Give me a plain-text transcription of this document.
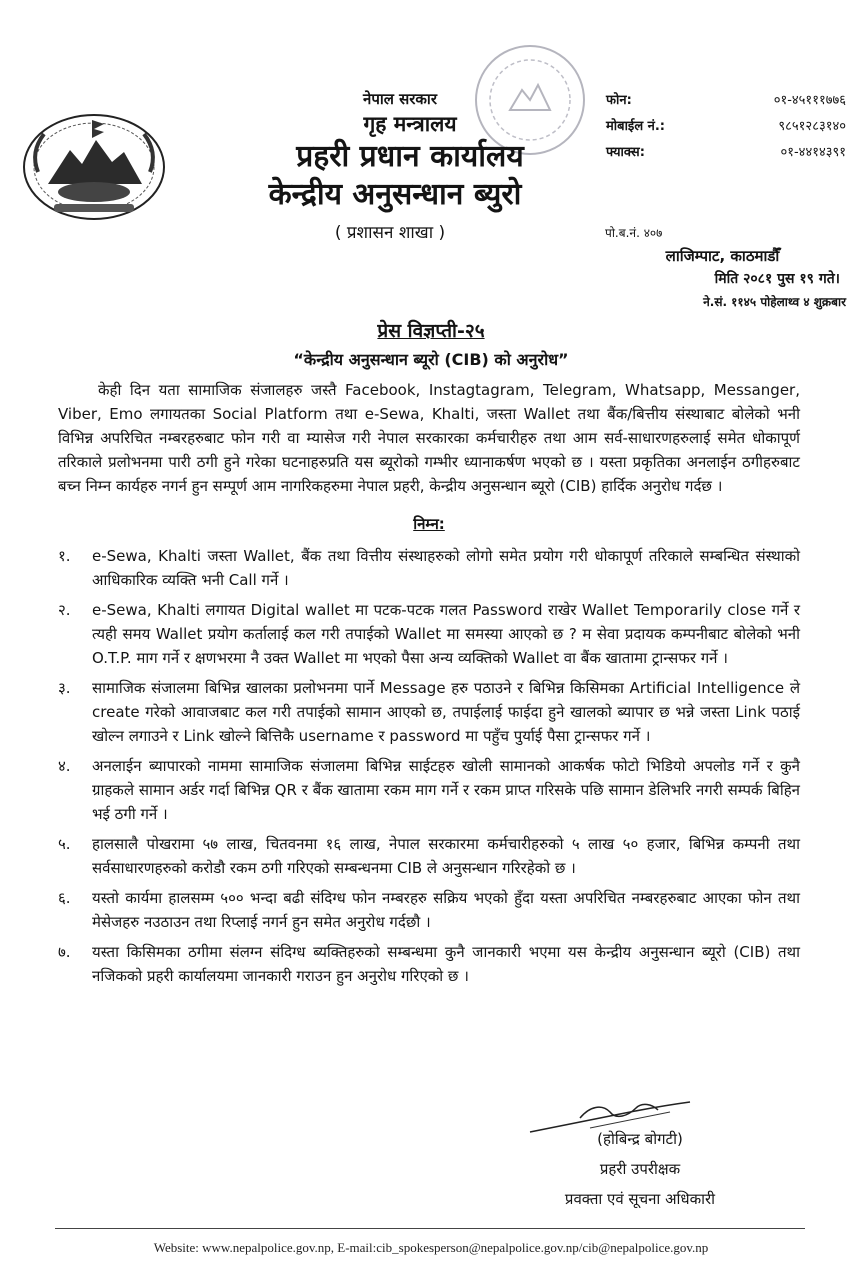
नेपाल सरकार
गृह मन्त्रालय
प्रहरी प्रधान कार्यालय
केन्द्रीय अनुसन्धान ब्युरो
( प्रशासन शाखा )
फोन:	०१-४५१११७७६
मोबाईल नं.:	९८५१२८३१४०
फ्याक्स:	०१-४४१४३९१
पो.ब.नं. ४०७
लाजिम्पाट, काठमाडौँ
मिति २०८१ पुस १९ गते।
ने.सं. ११४५ पोहेलाथ्व ४ शुक्रबार
प्रेस विज्ञप्ती-२५
“केन्द्रीय अनुसन्धान ब्यूरो (CIB) को अनुरोध”

केही दिन यता सामाजिक संजालहरु जस्तै Facebook, Instagtagram, Telegram, Whatsapp, Messanger, Viber, Emo लगायतका Social Platform तथा e-Sewa, Khalti, जस्ता Wallet तथा बैंक/बित्तीय संस्थाबाट बोलेको भनी विभिन्न अपरिचित नम्बरहरुबाट फोन गरी वा म्यासेज गरी नेपाल सरकारका कर्मचारीहरु तथा आम सर्व-साधारणहरुलाई समेत धोकापूर्ण तरिकाले प्रलोभनमा पारी ठगी हुने गरेका घटनाहरुप्रति यस ब्यूरोको गम्भीर ध्यानाकर्षण भएको छ । यस्ता प्रकृतिका अनलाईन ठगीहरुबाट बच्न निम्न कार्यहरु नगर्न हुन सम्पूर्ण आम नागरिकहरुमा नेपाल प्रहरी, केन्द्रीय अनुसन्धान ब्यूरो (CIB) हार्दिक अनुरोध गर्दछ ।

निम्न:
१.	e-Sewa, Khalti जस्ता Wallet, बैंक तथा वित्तीय संस्थाहरुको लोगो समेत प्रयोग गरी धोकापूर्ण तरिकाले सम्बन्धित संस्थाको आधिकारिक व्यक्ति भनी Call गर्ने ।
२.	e-Sewa, Khalti लगायत Digital wallet मा पटक-पटक गलत Password राखेर Wallet Temporarily close गर्ने र त्यही समय Wallet प्रयोग कर्तालाई कल गरी तपाईको Wallet मा समस्या आएको छ ? म सेवा प्रदायक कम्पनीबाट बोलेको भनी O.T.P. माग गर्ने र क्षणभरमा नै उक्त Wallet मा भएको पैसा अन्य व्यक्तिको Wallet वा बैंक खातामा ट्रान्सफर गर्ने ।
३.	सामाजिक संजालमा बिभिन्न खालका प्रलोभनमा पार्ने Message हरु पठाउने र बिभिन्न किसिमका Artificial Intelligence ले create गरेको आवाजबाट कल गरी तपाईको सामान आएको छ, तपाईलाई फाईदा हुने खालको ब्यापार छ भन्ने जस्ता Link पठाई खोल्न लगाउने र Link खोल्ने बित्तिकै username र password मा पहुँच पुर्याई पैसा ट्रान्सफर गर्ने ।
४.	अनलाईन ब्यापारको नाममा सामाजिक संजालमा बिभिन्न साईटहरु खोली सामानको आकर्षक फोटो भिडियो अपलोड गर्ने र कुनै ग्राहकले सामान अर्डर गर्दा बिभिन्न QR र बैंक खातामा रकम माग गर्ने र रकम प्राप्त गरिसके पछि सामान डेलिभरि नगरी सम्पर्क बिहिन भई ठगी गर्ने ।
५.	हालसालै पोखरामा ५७ लाख, चितवनमा १६ लाख, नेपाल सरकारमा कर्मचारीहरुको ५ लाख ५० हजार, बिभिन्न कम्पनी तथा सर्वसाधारणहरुको करोडौ रकम ठगी गरिएको सम्बन्धनमा CIB ले अनुसन्धान गरिरहेको छ ।
६.	यस्तो कार्यमा हालसम्म ५०० भन्दा बढी संदिग्ध फोन नम्बरहरु सक्रिय भएको हुँदा यस्ता अपरिचित नम्बरहरुबाट आएका फोन तथा मेसेजहरु नउठाउन तथा रिप्लाई नगर्न हुन समेत अनुरोध गर्दछौ ।
७.	यस्ता किसिमका ठगीमा संलग्न संदिग्ध ब्यक्तिहरुको सम्बन्धमा कुनै जानकारी भएमा यस केन्द्रीय अनुसन्धान ब्यूरो (CIB) तथा नजिकको प्रहरी कार्यालयमा जानकारी गराउन हुन अनुरोध गरिएको छ ।
(होबिन्द्र बोगटी)
प्रहरी उपरीक्षक
प्रवक्ता एवं सूचना अधिकारी
Website: www.nepalpolice.gov.np, E-mail:cib_spokesperson@nepalpolice.gov.np/cib@nepalpolice.gov.np
